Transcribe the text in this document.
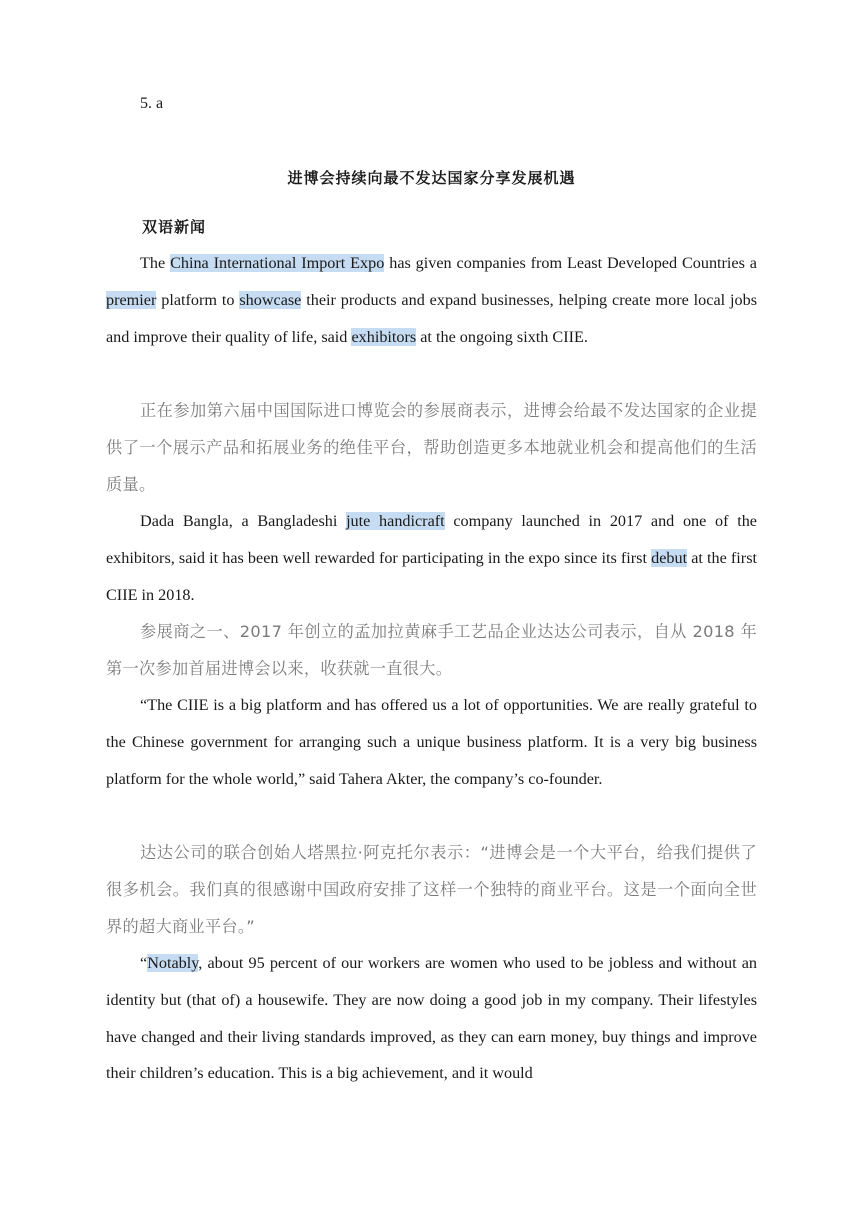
5. a
进博会持续向最不发达国家分享发展机遇
双语新闻

The China International Import Expo has given companies from Least Developed Countries a premier platform to showcase their products and expand businesses, helping create more local jobs and improve their quality of life, said exhibitors at the ongoing sixth CIIE.

正在参加第六届中国国际进口博览会的参展商表示，进博会给最不发达国家的企业提供了一个展示产品和拓展业务的绝佳平台，帮助创造更多本地就业机会和提高他们的生活质量。

Dada Bangla, a Bangladeshi jute handicraft company launched in 2017 and one of the exhibitors, said it has been well rewarded for participating in the expo since its first debut at the first CIIE in 2018.

参展商之一、2017 年创立的孟加拉黄麻手工艺品企业达达公司表示，自从 2018 年第一次参加首届进博会以来，收获就一直很大。

“The CIIE is a big platform and has offered us a lot of opportunities. We are really grateful to the Chinese government for arranging such a unique business platform. It is a very big business platform for the whole world,” said Tahera Akter, the company’s co-founder.

达达公司的联合创始人塔黑拉·阿克托尔表示：“进博会是一个大平台，给我们提供了很多机会。我们真的很感谢中国政府安排了这样一个独特的商业平台。这是一个面向全世界的超大商业平台。”

“Notably, about 95 percent of our workers are women who used to be jobless and without an identity but (that of) a housewife. They are now doing a good job in my company. Their lifestyles have changed and their living standards improved, as they can earn money, buy things and improve their children’s education. This is a big achievement, and it would
